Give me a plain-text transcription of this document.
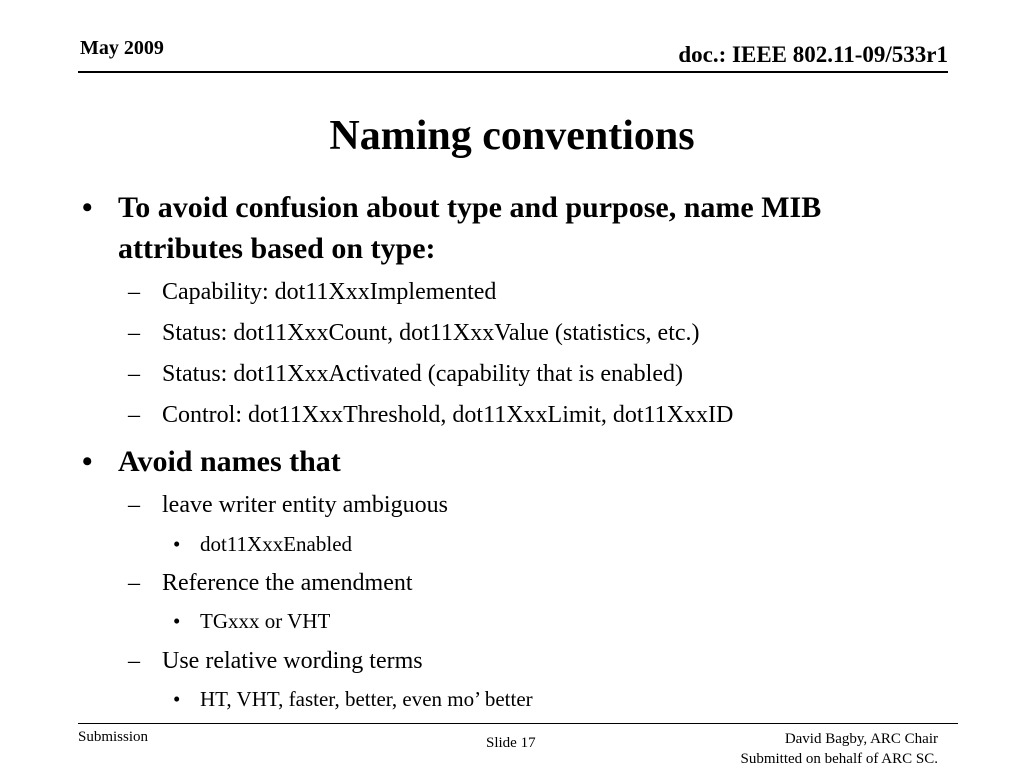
May 2009	doc.: IEEE 802.11-09/533r1
Naming conventions
• To avoid confusion about type and purpose, name MIB attributes based on type:
– Capability: dot11XxxImplemented
– Status: dot11XxxCount, dot11XxxValue (statistics, etc.)
– Status: dot11XxxActivated (capability that is enabled)
– Control: dot11XxxThreshold, dot11XxxLimit, dot11XxxID
• Avoid names that
– leave writer entity ambiguous
• dot11XxxEnabled
– Reference the amendment
• TGxxx or VHT
– Use relative wording terms
• HT, VHT, faster, better, even mo’ better
Submission	Slide 17	David Bagby, ARC Chair
Submitted on behalf of ARC SC.
